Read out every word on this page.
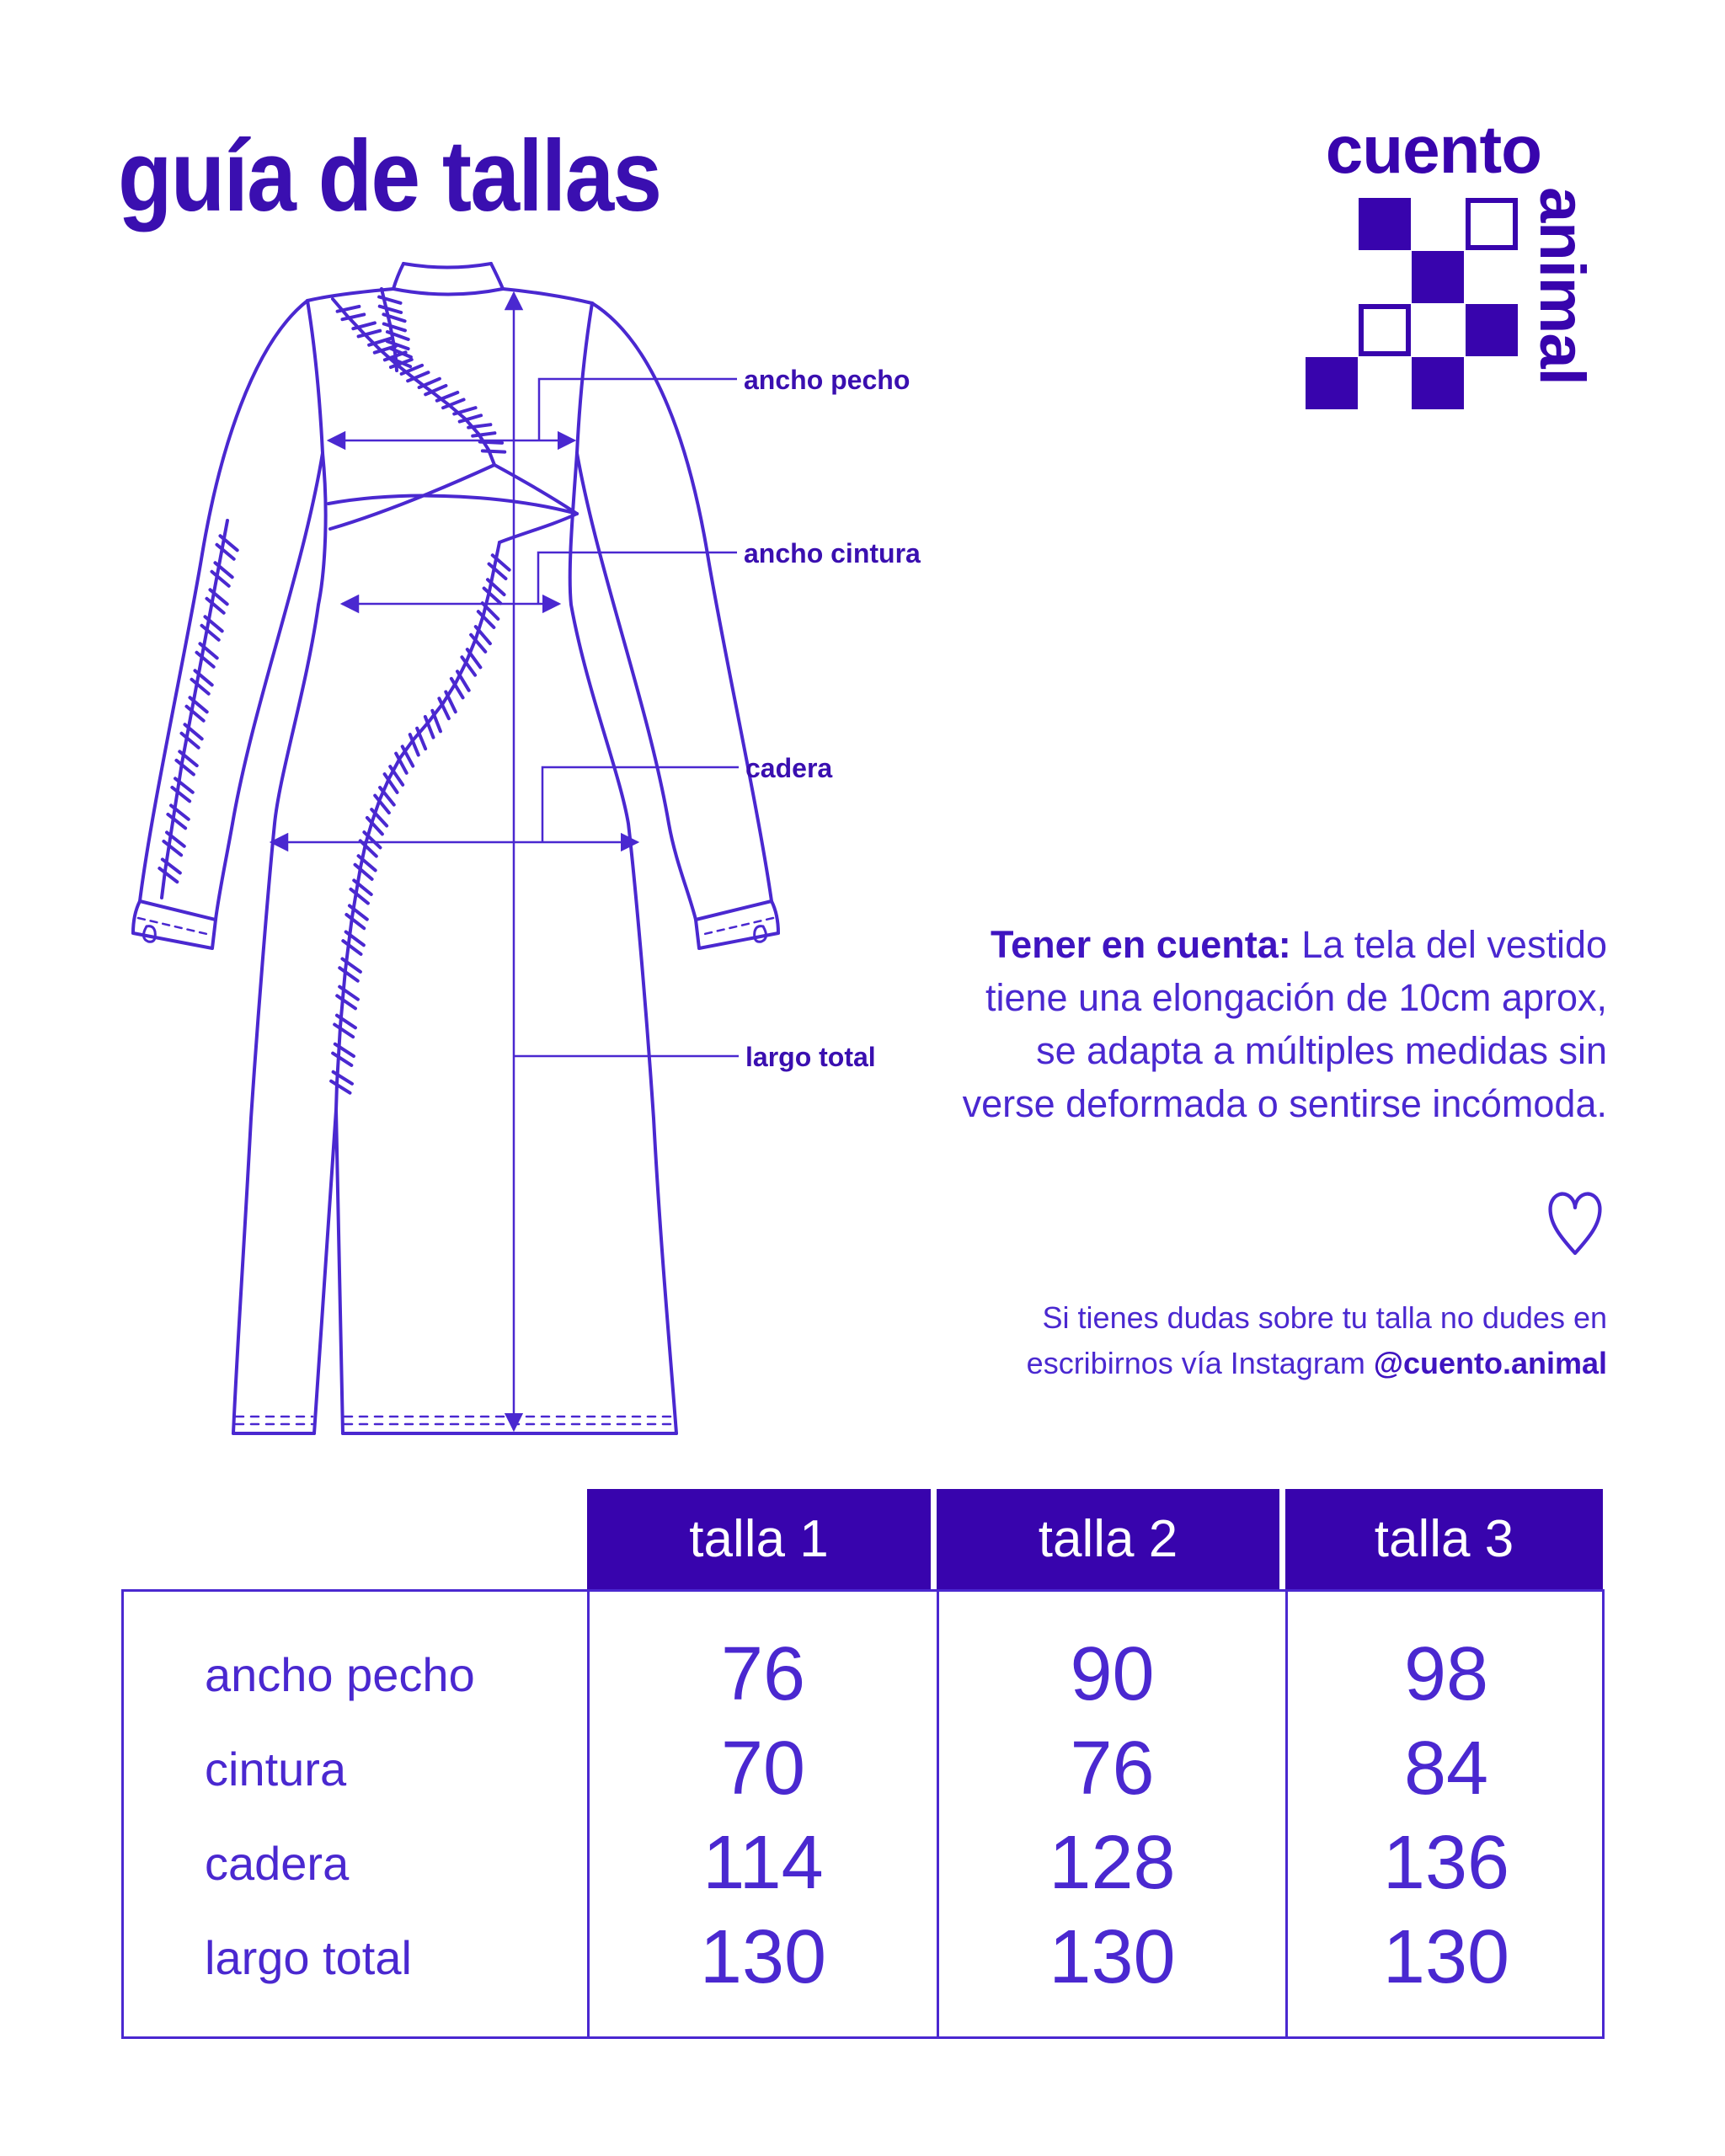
guía de tallas	cuento
animal
ancho pecho
ancho cintura
cadera
largo total
Tener en cuenta: La tela del vestido tiene una elongación de 10cm aprox, se adapta a múltiples medidas sin verse deformada o sentirse incómoda.
Si tienes dudas sobre tu talla no dudes en
escribirnos vía Instagram @cuento.animal
talla 1	talla 2	talla 3
ancho pecho	76	90	98
cintura	70	76	84
cadera	114	128	136
largo total	130	130	130
